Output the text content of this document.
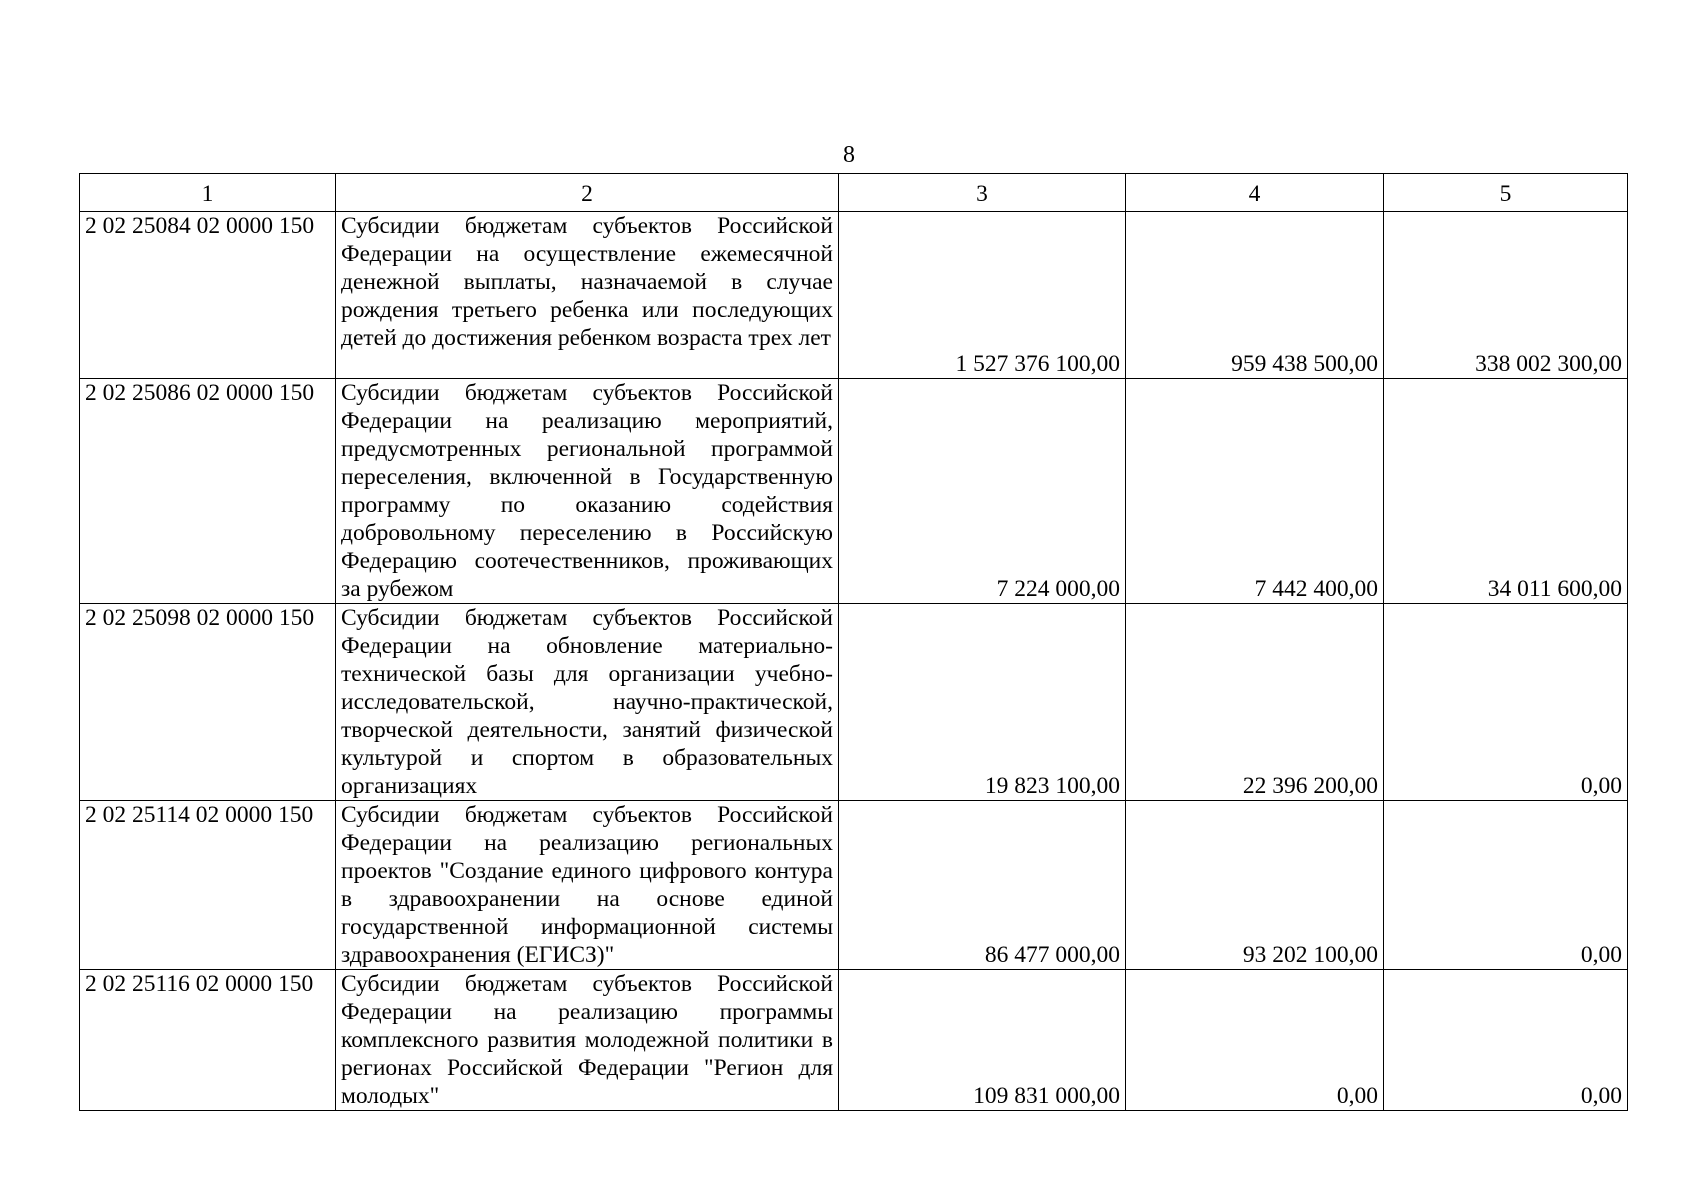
8
1	2	3	4	5
2 02 25084 02 0000 150	Субсидии бюджетам субъектов Российской Федерации на осуществление ежемесячной денежной выплаты, назначаемой в случае рождения третьего ребенка или последующих детей до достижения ребенком возраста трех лет	1 527 376 100,00	959 438 500,00	338 002 300,00
2 02 25086 02 0000 150	Субсидии бюджетам субъектов Российской Федерации на реализацию мероприятий, предусмотренных региональной программой переселения, включенной в Государственную программу по оказанию содействия добровольному переселению в Российскую Федерацию соотечественников, проживающих за рубежом	7 224 000,00	7 442 400,00	34 011 600,00
2 02 25098 02 0000 150	Субсидии бюджетам субъектов Российской Федерации на обновление материально-технической базы для организации учебно-исследовательской, научно-практической, творческой деятельности, занятий физической культурой и спортом в образовательных организациях	19 823 100,00	22 396 200,00	0,00
2 02 25114 02 0000 150	Субсидии бюджетам субъектов Российской Федерации на реализацию региональных проектов "Создание единого цифрового контура в здравоохранении на основе единой государственной информационной системы здравоохранения (ЕГИСЗ)"	86 477 000,00	93 202 100,00	0,00
2 02 25116 02 0000 150	Субсидии бюджетам субъектов Российской Федерации на реализацию программы комплексного развития молодежной политики в регионах Российской Федерации "Регион для молодых"	109 831 000,00	0,00	0,00
